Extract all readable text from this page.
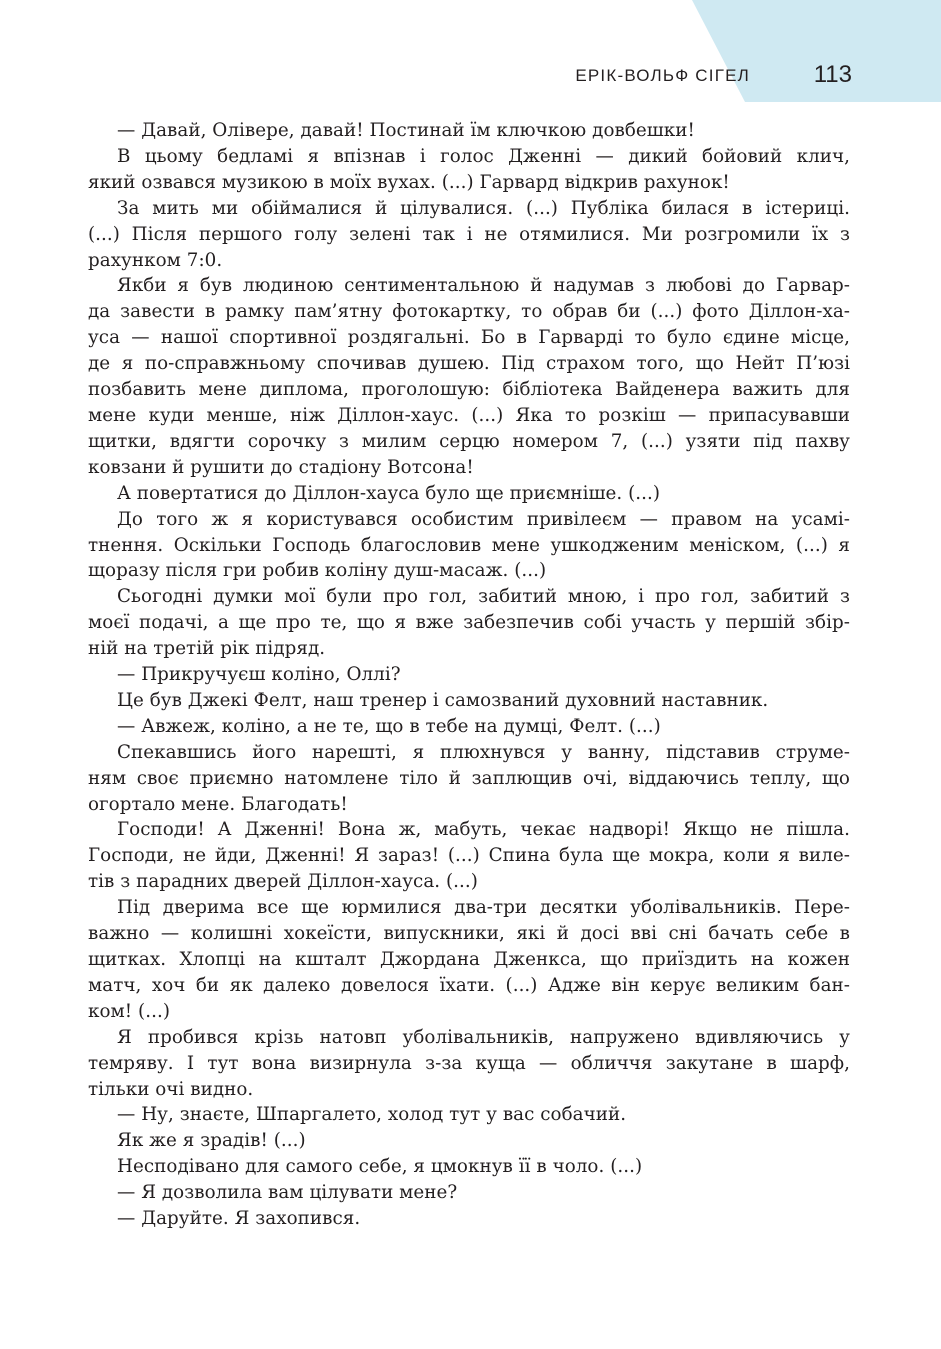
ЕРІК-ВОЛЬФ СІГЕЛ	113
— Давай, Олівере, давай! Постинай їм ключкою довбешки!
В цьому бедламі я впізнав і голос Дженні — дикий бойовий клич,
який озвався музикою в моїх вухах. (...) Гарвард відкрив рахунок!
За мить ми обіймалися й цілувалися. (...) Публіка билася в істериці.
(...) Після першого голу зелені так і не отямилися. Ми розгромили їх з
рахунком 7:0.
Якби я був людиною сентиментальною й надумав з любові до Гарвар-
да завести в рамку пам’ятну фотокартку, то обрав би (...) фото Діллон-ха-
уса — нашої спортивної роздягальні. Бо в Гарварді то було єдине місце,
де я по-справжньому спочивав душею. Під страхом того, що Нейт П’юзі
позбавить мене диплома, проголошую: бібліотека Вайденера важить для
мене куди менше, ніж Діллон-хаус. (...) Яка то розкіш — припасувавши
щитки, вдягти сорочку з милим серцю номером 7, (...) узяти під пахву
ковзани й рушити до стадіону Вотсона!
А повертатися до Діллон-хауса було ще приємніше. (...)
До того ж я користувався особистим привілеєм — правом на усамі-
тнення. Оскільки Господь благословив мене ушкодженим меніском, (...) я
щоразу після гри робив коліну душ-масаж. (...)
Сьогодні думки мої були про гол, забитий мною, і про гол, забитий з
моєї подачі, а ще про те, що я вже забезпечив собі участь у першій збір-
ній на третій рік підряд.
— Прикручуєш коліно, Оллі?
Це був Джекі Фелт, наш тренер і самозваний духовний наставник.
— Авжеж, коліно, а не те, що в тебе на думці, Фелт. (...)
Спекавшись його нарешті, я плюхнувся у ванну, підставив струме-
ням своє приємно натомлене тіло й заплющив очі, віддаючись теплу, що
огортало мене. Благодать!
Господи! А Дженні! Вона ж, мабуть, чекає надворі! Якщо не пішла.
Господи, не йди, Дженні! Я зараз! (...) Спина була ще мокра, коли я вилe-
тів з парадних дверей Діллон-хауса. (...)
Під дверима все ще юрмилися два-три десятки уболівальників. Пере-
важно — колишні хокеїсти, випускники, які й досі вві сні бачать себе в
щитках. Хлопці на кшталт Джордана Дженкса, що приїздить на кожен
матч, хоч би як далеко довелося їхати. (...) Адже він керує великим бан-
ком! (...)
Я пробився крізь натовп уболівальників, напружено вдивляючись у
темряву. І тут вона визирнула з-за куща — обличчя закутане в шарф,
тільки очі видно.
— Ну, знаєте, Шпаргалето, холод тут у вас собачий.
Як же я зрадів! (...)
Несподівано для самого себе, я цмокнув її в чоло. (...)
— Я дозволила вам цілувати мене?
— Даруйте. Я захопився.
